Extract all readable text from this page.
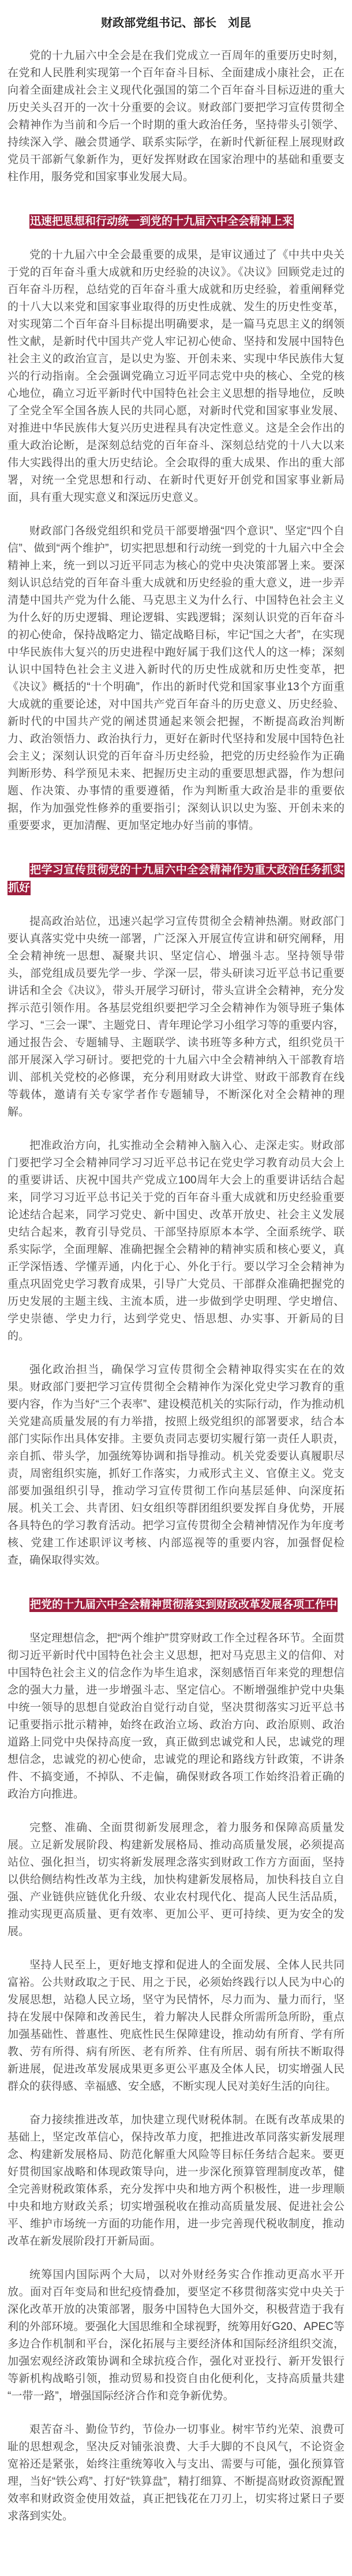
财政部党组书记、部长　刘昆

党的十九届六中全会是在我们党成立一百周年的重要历史时刻，在党和人民胜利实现第一个百年奋斗目标、全面建成小康社会，正在向着全面建成社会主义现代化强国的第二个百年奋斗目标迈进的重大历史关头召开的一次十分重要的会议。财政部门要把学习宣传贯彻全会精神作为当前和今后一个时期的重大政治任务，坚持带头引领学、持续深入学、融会贯通学、联系实际学，在新时代新征程上展现财政党员干部新气象新作为，更好发挥财政在国家治理中的基础和重要支柱作用，服务党和国家事业发展大局。

迅速把思想和行动统一到党的十九届六中全会精神上来

党的十九届六中全会最重要的成果，是审议通过了《中共中央关于党的百年奋斗重大成就和历史经验的决议》。《决议》回顾党走过的百年奋斗历程，总结党的百年奋斗重大成就和历史经验，着重阐释党的十八大以来党和国家事业取得的历史性成就、发生的历史性变革，对实现第二个百年奋斗目标提出明确要求，是一篇马克思主义的纲领性文献，是新时代中国共产党人牢记初心使命、坚持和发展中国特色社会主义的政治宣言，是以史为鉴、开创未来、实现中华民族伟大复兴的行动指南。全会强调党确立习近平同志党中央的核心、全党的核心地位，确立习近平新时代中国特色社会主义思想的指导地位，反映了全党全军全国各族人民的共同心愿，对新时代党和国家事业发展、对推进中华民族伟大复兴历史进程具有决定性意义。这是全会作出的重大政治论断，是深刻总结党的百年奋斗、深刻总结党的十八大以来伟大实践得出的重大历史结论。全会取得的重大成果、作出的重大部署，对统一全党思想和行动、在新时代更好开创党和国家事业新局面，具有重大现实意义和深远历史意义。

财政部门各级党组织和党员干部要增强“四个意识”、坚定“四个自信”、做到“两个维护”，切实把思想和行动统一到党的十九届六中全会精神上来，统一到以习近平同志为核心的党中央决策部署上来。要深刻认识总结党的百年奋斗重大成就和历史经验的重大意义，进一步弄清楚中国共产党为什么能、马克思主义为什么行、中国特色社会主义为什么好的历史逻辑、理论逻辑、实践逻辑；深刻认识党的百年奋斗的初心使命，保持战略定力、锚定战略目标，牢记“国之大者”，在实现中华民族伟大复兴的历史进程中跑好属于我们这代人的这一棒；深刻认识中国特色社会主义进入新时代的历史性成就和历史性变革，把《决议》概括的“十个明确”，作出的新时代党和国家事业13个方面重大成就的重要论述，对中国共产党百年奋斗的历史意义、历史经验、新时代的中国共产党的阐述贯通起来领会把握，不断提高政治判断力、政治领悟力、政治执行力，更好在新时代坚持和发展中国特色社会主义；深刻认识党的百年奋斗历史经验，把党的历史经验作为正确判断形势、科学预见未来、把握历史主动的重要思想武器，作为想问题、作决策、办事情的重要遵循，作为判断重大政治是非的重要依据，作为加强党性修养的重要指引；深刻认识以史为鉴、开创未来的重要要求，更加清醒、更加坚定地办好当前的事情。

把学习宣传贯彻党的十九届六中全会精神作为重大政治任务抓实抓好

提高政治站位，迅速兴起学习宣传贯彻全会精神热潮。财政部门要认真落实党中央统一部署，广泛深入开展宣传宣讲和研究阐释，用全会精神统一思想、凝聚共识、坚定信心、增强斗志。坚持领导带头，部党组成员要先学一步、学深一层，带头研读习近平总书记重要讲话和全会《决议》，带头开展学习研讨，带头宣讲全会精神，充分发挥示范引领作用。各基层党组织要把学习全会精神作为领导班子集体学习、“三会一课”、主题党日、青年理论学习小组学习等的重要内容，通过报告会、专题辅导、主题联学、读书班等多种方式，组织党员干部开展深入学习研讨。要把党的十九届六中全会精神纳入干部教育培训、部机关党校的必修课，充分利用财政大讲堂、财政干部教育在线等载体，邀请有关专家学者作专题辅导，不断深化对全会精神的理解。

把准政治方向，扎实推动全会精神入脑入心、走深走实。财政部门要把学习全会精神同学习习近平总书记在党史学习教育动员大会上的重要讲话、庆祝中国共产党成立100周年大会上的重要讲话结合起来，同学习习近平总书记关于党的百年奋斗重大成就和历史经验重要论述结合起来，同学习党史、新中国史、改革开放史、社会主义发展史结合起来，教育引导党员、干部坚持原原本本学、全面系统学、联系实际学，全面理解、准确把握全会精神的精神实质和核心要义，真正学深悟透、学懂弄通，内化于心、外化于行。要以学习全会精神为重点巩固党史学习教育成果，引导广大党员、干部群众准确把握党的历史发展的主题主线、主流本质，进一步做到学史明理、学史增信、学史崇德、学史力行，达到学党史、悟思想、办实事、开新局的目的。

强化政治担当，确保学习宣传贯彻全会精神取得实实在在的效果。财政部门要把学习宣传贯彻全会精神作为深化党史学习教育的重要内容，作为当好“三个表率”、建设模范机关的实际行动，作为推动机关党建高质量发展的有力举措，按照上级党组织的部署要求，结合本部门实际作出具体安排。主要负责同志要切实履行第一责任人职责，亲自抓、带头学，加强统筹协调和指导推动。机关党委要认真履职尽责，周密组织实施，抓好工作落实，力戒形式主义、官僚主义。党支部要加强组织引导，推动学习宣传贯彻工作向基层延伸、向深度拓展。机关工会、共青团、妇女组织等群团组织要发挥自身优势，开展各具特色的学习教育活动。把学习宣传贯彻全会精神情况作为年度考核、党建工作述职评议考核、内部巡视等的重要内容，加强督促检查，确保取得实效。

把党的十九届六中全会精神贯彻落实到财政改革发展各项工作中

坚定理想信念，把“两个维护”贯穿财政工作全过程各环节。全面贯彻习近平新时代中国特色社会主义思想，把对马克思主义的信仰、对中国特色社会主义的信念作为毕生追求，深刻感悟百年来党的理想信念的强大力量，进一步增强斗志、坚定信心。不断增强维护党中央集中统一领导的思想自觉政治自觉行动自觉，坚决贯彻落实习近平总书记重要指示批示精神，始终在政治立场、政治方向、政治原则、政治道路上同党中央保持高度一致，真正做到忠诚党和人民，忠诚党的理想信念，忠诚党的初心使命，忠诚党的理论和路线方针政策，不讲条件、不搞变通，不掉队、不走偏，确保财政各项工作始终沿着正确的政治方向推进。

完整、准确、全面贯彻新发展理念，着力服务和保障高质量发展。立足新发展阶段、构建新发展格局、推动高质量发展，必须提高站位、强化担当，切实将新发展理念落实到财政工作方方面面，坚持以供给侧结构性改革为主线，加快构建新发展格局，加快科技自立自强、产业链供应链优化升级、农业农村现代化、提高人民生活品质，推动实现更高质量、更有效率、更加公平、更可持续、更为安全的发展。

坚持人民至上，更好地支撑和促进人的全面发展、全体人民共同富裕。公共财政取之于民、用之于民，必须始终践行以人民为中心的发展思想，站稳人民立场，坚守为民情怀，尽力而为、量力而行，坚持在发展中保障和改善民生，着力解决人民群众所需所急所盼，重点加强基础性、普惠性、兜底性民生保障建设，推动幼有所育、学有所教、劳有所得、病有所医、老有所养、住有所居、弱有所扶不断取得新进展，促进改革发展成果更多更公平惠及全体人民，切实增强人民群众的获得感、幸福感、安全感，不断实现人民对美好生活的向往。

奋力接续推进改革，加快建立现代财税体制。在既有改革成果的基础上，坚定改革信心，保持改革力度，把推进改革同落实新发展理念、构建新发展格局、防范化解重大风险等目标任务结合起来。要更好贯彻国家战略和体现政策导向，进一步深化预算管理制度改革，健全完善财税政策体系，充分发挥中央和地方两个积极性，进一步理顺中央和地方财政关系；切实增强税收在推动高质量发展、促进社会公平、维护市场统一方面的功能作用，进一步完善现代税收制度，推动改革在新发展阶段打开新局面。

统筹国内国际两个大局，以对外财经务实合作推动更高水平开放。面对百年变局和世纪疫情叠加，要坚定不移贯彻落实党中央关于深化改革开放的决策部署，服务中国特色大国外交，积极营造于我有利的外部环境。要强化大国思维和全球视野，统筹用好G20、APEC等多边合作机制和平台，深化拓展与主要经济体和国际经济组织交流，加强宏观经济政策协调和全球抗疫合作，强化对亚投行、新开发银行等新机构战略引领，推动贸易和投资自由化便利化，支持高质量共建“一带一路”，增强国际经济合作和竞争新优势。

艰苦奋斗、勤俭节约，节俭办一切事业。树牢节约光荣、浪费可耻的思想观念，坚决反对铺张浪费、大手大脚的不良风气，不论资金宽裕还是紧张，始终注重统筹收入与支出、需要与可能，强化预算管理，当好“铁公鸡”、打好“铁算盘”，精打细算、不断提高财政资源配置效率和财政资金使用效益，真正把钱花在刀刃上，切实将过紧日子要求落到实处。
